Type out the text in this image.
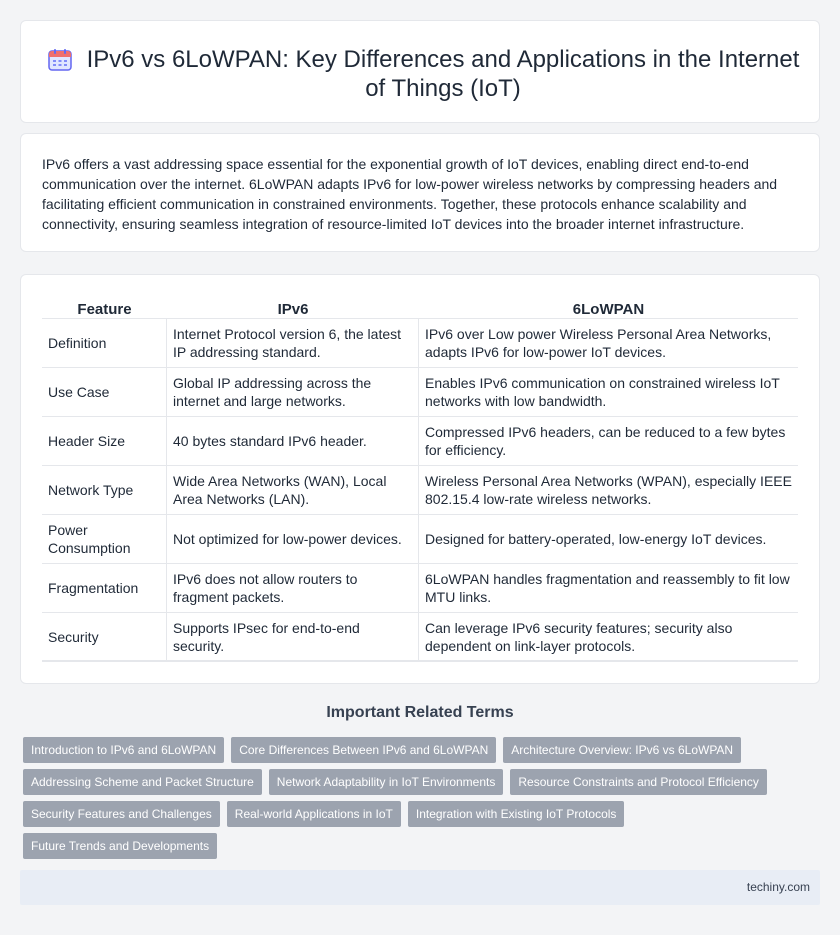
IPv6 vs 6LoWPAN: Key Differences and Applications in the Internet of Things (IoT)

IPv6 offers a vast addressing space essential for the exponential growth of IoT devices, enabling direct end-to-end communication over the internet. 6LoWPAN adapts IPv6 for low-power wireless networks by compressing headers and facilitating efficient communication in constrained environments. Together, these protocols enhance scalability and connectivity, ensuring seamless integration of resource-limited IoT devices into the broader internet infrastructure.

Feature	IPv6	6LoWPAN
Definition	Internet Protocol version 6, the latest IP addressing standard.	IPv6 over Low power Wireless Personal Area Networks, adapts IPv6 for low-power IoT devices.
Use Case	Global IP addressing across the internet and large networks.	Enables IPv6 communication on constrained wireless IoT networks with low bandwidth.
Header Size	40 bytes standard IPv6 header.	Compressed IPv6 headers, can be reduced to a few bytes for efficiency.
Network Type	Wide Area Networks (WAN), Local Area Networks (LAN).	Wireless Personal Area Networks (WPAN), especially IEEE 802.15.4 low-rate wireless networks.
Power Consumption	Not optimized for low-power devices.	Designed for battery-operated, low-energy IoT devices.
Fragmentation	IPv6 does not allow routers to fragment packets.	6LoWPAN handles fragmentation and reassembly to fit low MTU links.
Security	Supports IPsec for end-to-end security.	Can leverage IPv6 security features; security also dependent on link-layer protocols.
Important Related Terms
Introduction to IPv6 and 6LoWPAN	Core Differences Between IPv6 and 6LoWPAN	Architecture Overview: IPv6 vs 6LoWPAN
Addressing Scheme and Packet Structure	Network Adaptability in IoT Environments	Resource Constraints and Protocol Efficiency
Security Features and Challenges	Real-world Applications in IoT	Integration with Existing IoT Protocols
Future Trends and Developments
techiny.com
